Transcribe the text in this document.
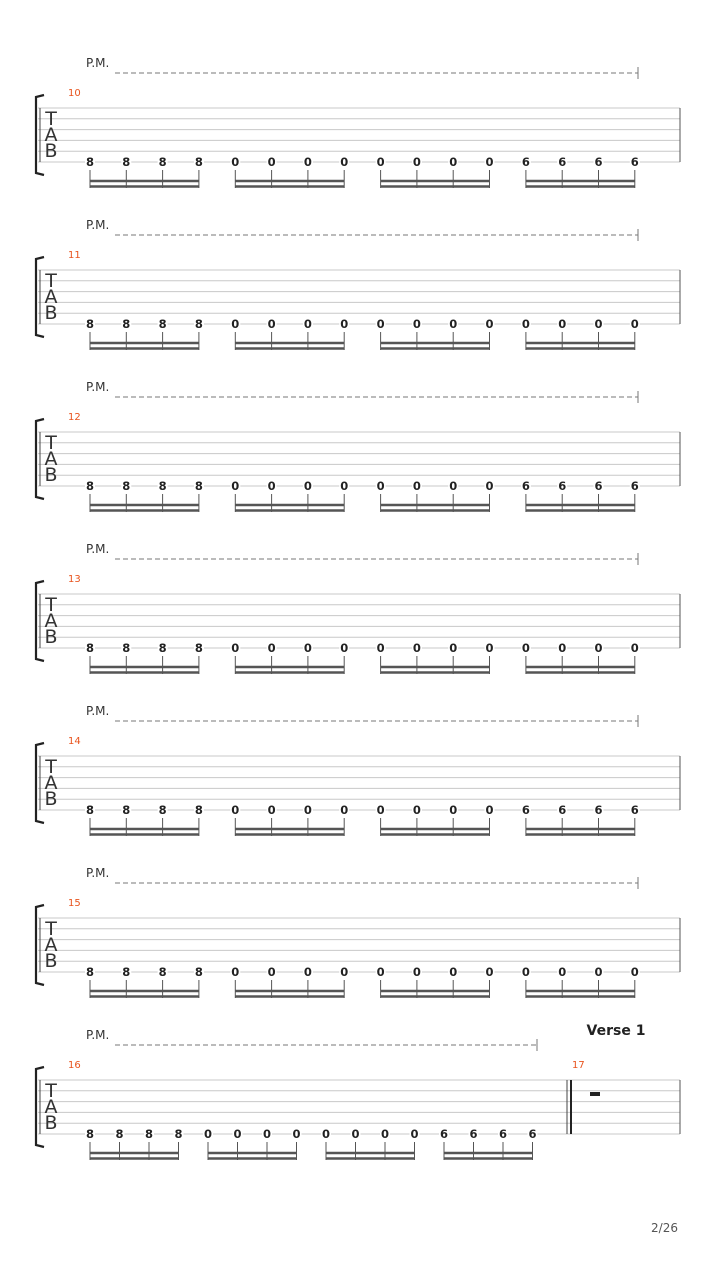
P.M.
10
T
A
B 8 8 8 8 0 0 0 0 0 0 0 0 6 6 6 6
P.M.
11
T
A
B 8 8 8 8 0 0 0 0 0 0 0 0 0 0 0 0
P.M.
12
T
A
B 8 8 8 8 0 0 0 0 0 0 0 0 6 6 6 6
P.M.
13
T
A
B 8 8 8 8 0 0 0 0 0 0 0 0 0 0 0 0
P.M.
14
T
A
B 8 8 8 8 0 0 0 0 0 0 0 0 6 6 6 6
P.M.
15
T
A
B 8 8 8 8 0 0 0 0 0 0 0 0 0 0 0 0
P.M.
16
T
A
B 8 8 8 8 0 0 0 0 0 0 0 0 6 6 6 6
17
Verse 1
2/26
